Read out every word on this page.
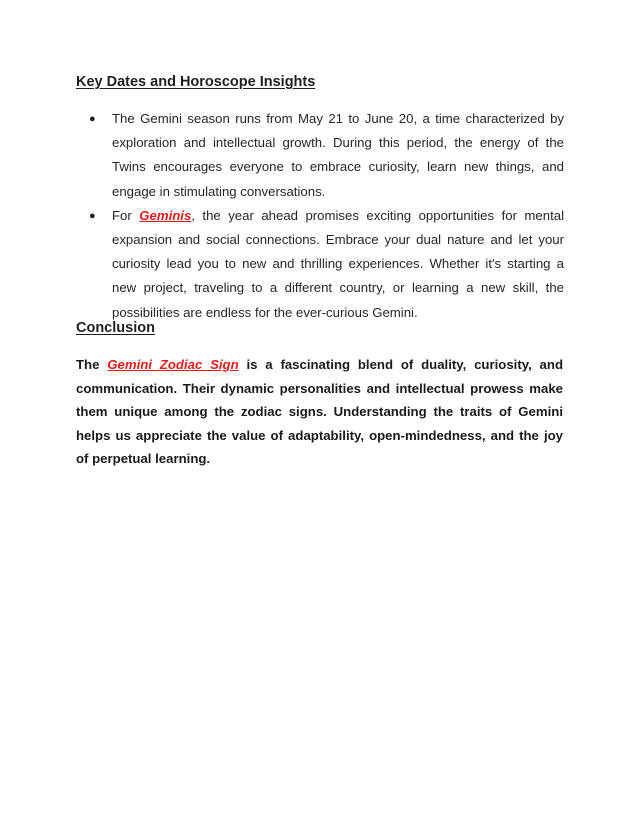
Key Dates and Horoscope Insights
● The Gemini season runs from May 21 to June 20, a time characterized by exploration and intellectual growth. During this period, the energy of the Twins encourages everyone to embrace curiosity, learn new things, and engage in stimulating conversations.
● For Geminis, the year ahead promises exciting opportunities for mental expansion and social connections. Embrace your dual nature and let your curiosity lead you to new and thrilling experiences. Whether it's starting a new project, traveling to a different country, or learning a new skill, the possibilities are endless for the ever-curious Gemini.
Conclusion

The Gemini Zodiac Sign is a fascinating blend of duality, curiosity, and communication. Their dynamic personalities and intellectual prowess make them unique among the zodiac signs. Understanding the traits of Gemini helps us appreciate the value of adaptability, open-mindedness, and the joy of perpetual learning.
